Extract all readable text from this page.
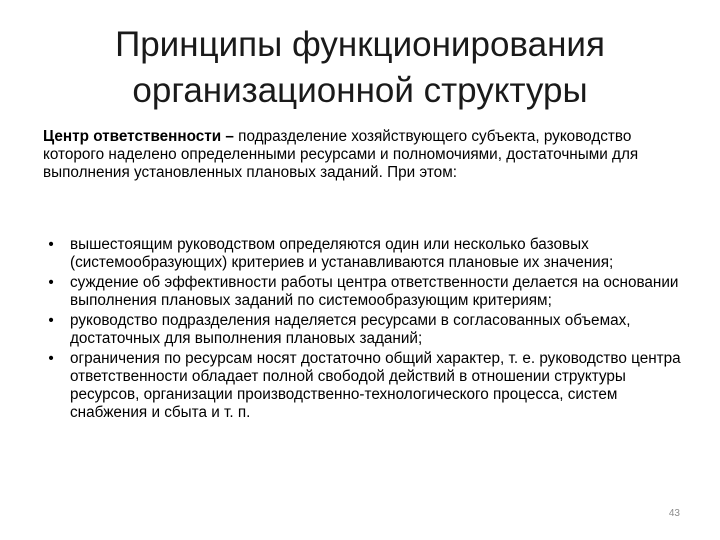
Принципы функционирования
организационной структуры

Центр ответственности – подразделение хозяйствующего субъекта, руководство которого наделено определенными ресурсами и полномочиями, достаточными для выполнения установленных плановых заданий. При этом:

• вышестоящим руководством определяются один или несколько базовых (системообразующих) критериев и устанавливаются плановые их значения;
• суждение об эффективности работы центра ответственности делается на основании выполнения плановых заданий по системообразующим критериям;
• руководство подразделения наделяется ресурсами в согласованных объемах, достаточных для выполнения плановых заданий;
• ограничения по ресурсам носят достаточно общий характер, т. е. руководство центра ответственности обладает полной свободой действий в отношении структуры ресурсов, организации производственно-технологического процесса, систем снабжения и сбыта и т. п.
43
